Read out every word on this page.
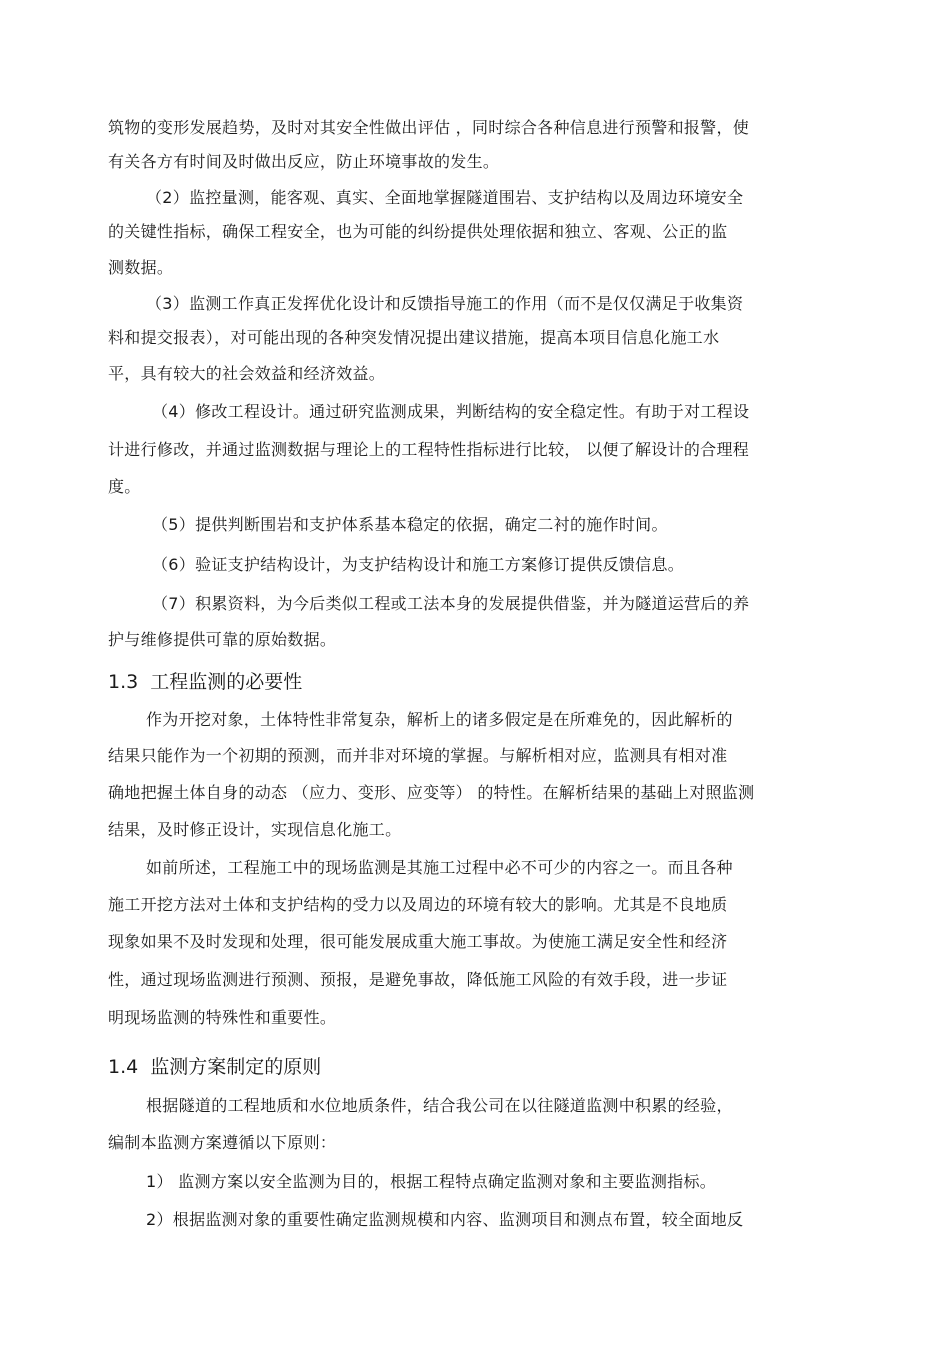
筑物的变形发展趋势，及时对其安全性做出评估 ，同时综合各种信息进行预警和报警，使
有关各方有时间及时做出反应，防止环境事故的发生。
（2）监控量测，能客观、真实、全面地掌握隧道围岩、支护结构以及周边环境安全
的关键性指标，确保工程安全，也为可能的纠纷提供处理依据和独立、客观、公正的监
测数据。
（3）监测工作真正发挥优化设计和反馈指导施工的作用（而不是仅仅满足于收集资
料和提交报表），对可能出现的各种突发情况提出建议措施，提高本项目信息化施工水
平，具有较大的社会效益和经济效益。
（4）修改工程设计。通过研究监测成果，判断结构的安全稳定性。有助于对工程设
计进行修改，并通过监测数据与理论上的工程特性指标进行比较， 以便了解设计的合理程
度。
（5）提供判断围岩和支护体系基本稳定的依据，确定二衬的施作时间。
（6）验证支护结构设计，为支护结构设计和施工方案修订提供反馈信息。
（7）积累资料，为今后类似工程或工法本身的发展提供借鉴，并为隧道运营后的养
护与维修提供可靠的原始数据。
1.3 工程监测的必要性
作为开挖对象，土体特性非常复杂，解析上的诸多假定是在所难免的，因此解析的
结果只能作为一个初期的预测，而并非对环境的掌握。与解析相对应，监测具有相对准
确地把握土体自身的动态 （应力、变形、应变等） 的特性。在解析结果的基础上对照监测
结果，及时修正设计，实现信息化施工。
如前所述，工程施工中的现场监测是其施工过程中必不可少的内容之一。而且各种
施工开挖方法对土体和支护结构的受力以及周边的环境有较大的影响。尤其是不良地质
现象如果不及时发现和处理，很可能发展成重大施工事故。为使施工满足安全性和经济
性，通过现场监测进行预测、预报，是避免事故，降低施工风险的有效手段，进一步证
明现场监测的特殊性和重要性。
1.4 监测方案制定的原则
根据隧道的工程地质和水位地质条件，结合我公司在以往隧道监测中积累的经验，
编制本监测方案遵循以下原则：
1） 监测方案以安全监测为目的，根据工程特点确定监测对象和主要监测指标。
2）根据监测对象的重要性确定监测规模和内容、监测项目和测点布置，较全面地反
